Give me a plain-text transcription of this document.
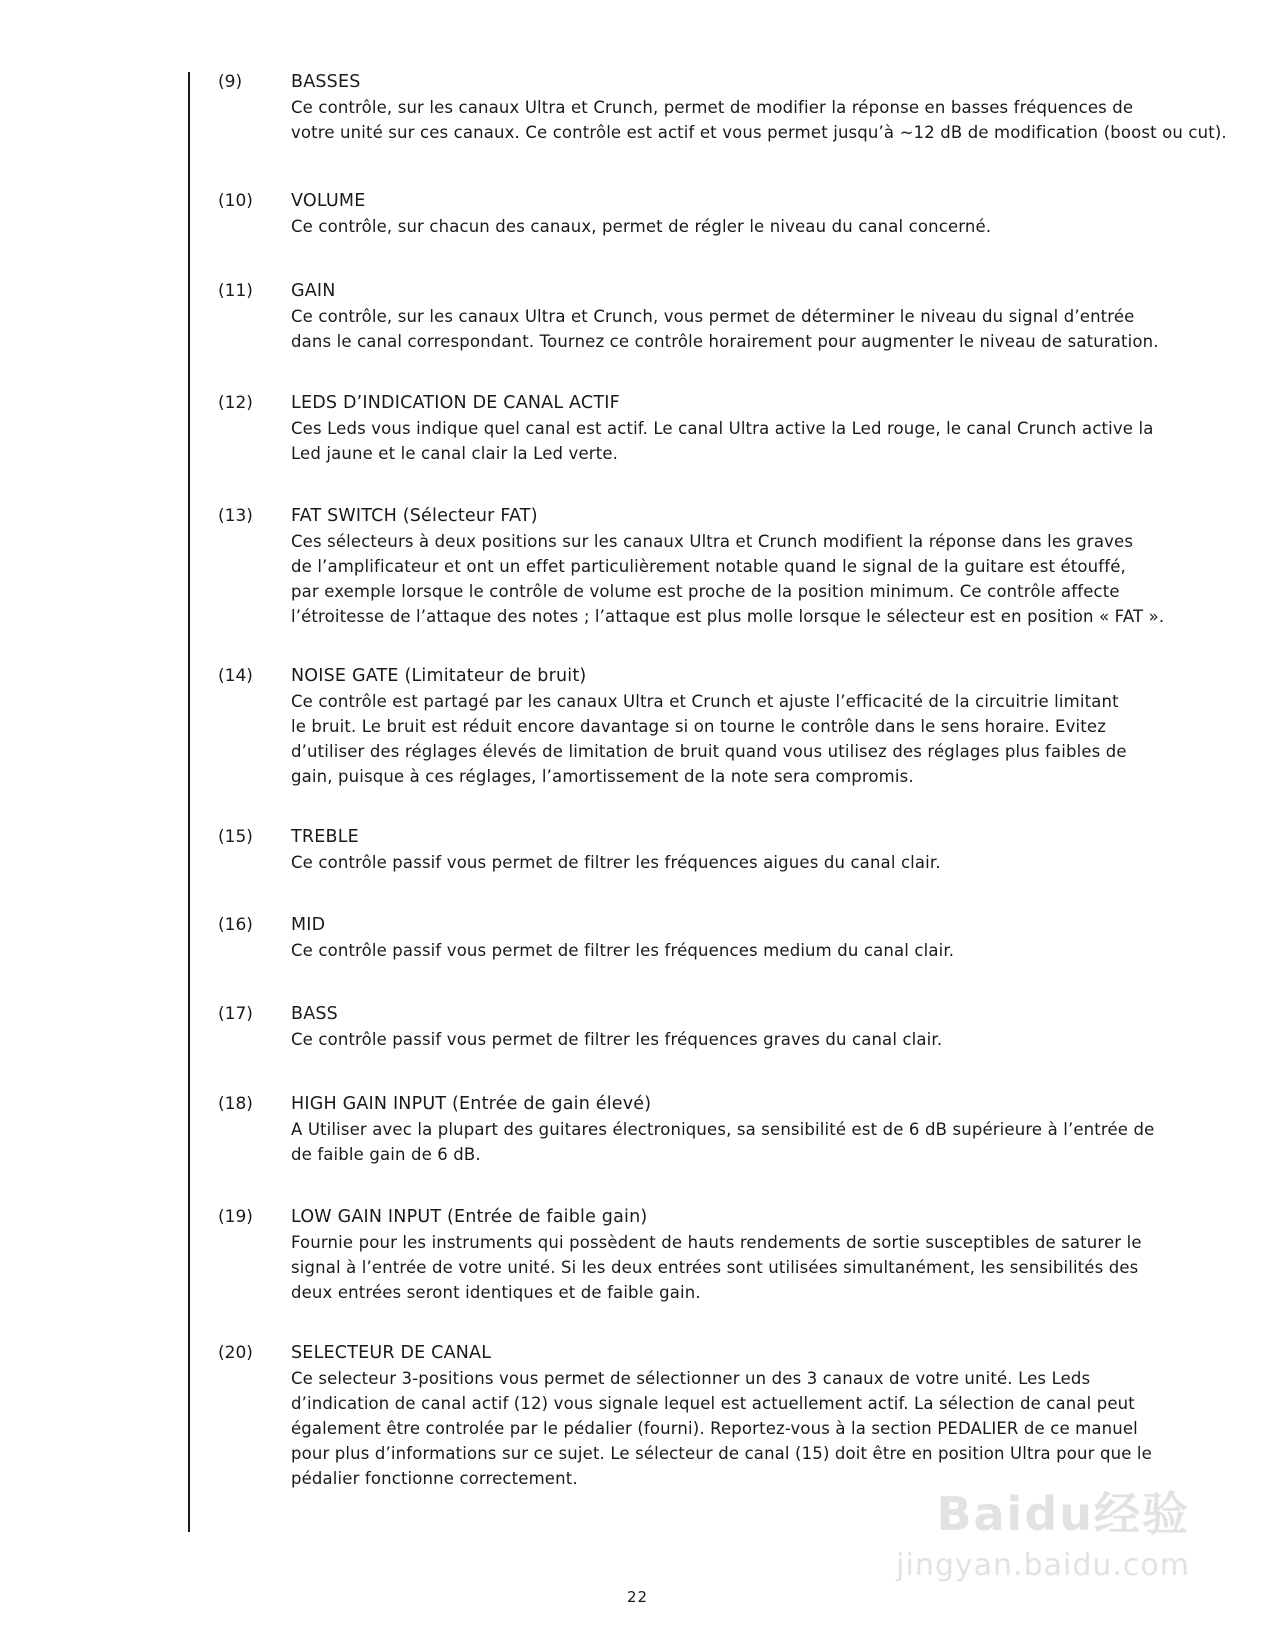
(9)	BASSES
Ce contrôle, sur les canaux Ultra et Crunch, permet de modifier la réponse en basses fréquences de
votre unité sur ces canaux. Ce contrôle est actif et vous permet jusqu’à ~12 dB de modification (boost ou cut).
(10) VOLUME
Ce contrôle, sur chacun des canaux, permet de régler le niveau du canal concerné.
(11) GAIN
Ce contrôle, sur les canaux Ultra et Crunch, vous permet de déterminer le niveau du signal d’entrée
dans le canal correspondant. Tournez ce contrôle horairement pour augmenter le niveau de saturation.
(12) LEDS D’INDICATION DE CANAL ACTIF
Ces Leds vous indique quel canal est actif. Le canal Ultra active la Led rouge, le canal Crunch active la
Led jaune et le canal clair la Led verte.
(13) FAT SWITCH (Sélecteur FAT)
Ces sélecteurs à deux positions sur les canaux Ultra et Crunch modifient la réponse dans les graves
de l’amplificateur et ont un effet particulièrement notable quand le signal de la guitare est étouffé,
par exemple lorsque le contrôle de volume est proche de la position minimum. Ce contrôle affecte
l’étroitesse de l’attaque des notes ; l’attaque est plus molle lorsque le sélecteur est en position « FAT ».
(14) NOISE GATE (Limitateur de bruit)
Ce contrôle est partagé par les canaux Ultra et Crunch et ajuste l’efficacité de la circuitrie limitant
le bruit. Le bruit est réduit encore davantage si on tourne le contrôle dans le sens horaire. Evitez
d’utiliser des réglages élevés de limitation de bruit quand vous utilisez des réglages plus faibles de
gain, puisque à ces réglages, l’amortissement de la note sera compromis.
(15) TREBLE
Ce contrôle passif vous permet de filtrer les fréquences aigues du canal clair.
(16) MID
Ce contrôle passif vous permet de filtrer les fréquences medium du canal clair.
(17) BASS
Ce contrôle passif vous permet de filtrer les fréquences graves du canal clair.
(18) HIGH GAIN INPUT (Entrée de gain élevé)
A Utiliser avec la plupart des guitares électroniques, sa sensibilité est de 6 dB supérieure à l’entrée de
de faible gain de 6 dB.
(19) LOW GAIN INPUT (Entrée de faible gain)
Fournie pour les instruments qui possèdent de hauts rendements de sortie susceptibles de saturer le
signal à l’entrée de votre unité. Si les deux entrées sont utilisées simultanément, les sensibilités des
deux entrées seront identiques et de faible gain.
(20) SELECTEUR DE CANAL
Ce selecteur 3-positions vous permet de sélectionner un des 3 canaux de votre unité. Les Leds
d’indication de canal actif (12) vous signale lequel est actuellement actif. La sélection de canal peut
également être controlée par le pédalier (fourni). Reportez-vous à la section PEDALIER de ce manuel
pour plus d’informations sur ce sujet. Le sélecteur de canal (15) doit être en position Ultra pour que le
pédalier fonctionne correctement.
22
Baidu经验
jingyan.baidu.com
